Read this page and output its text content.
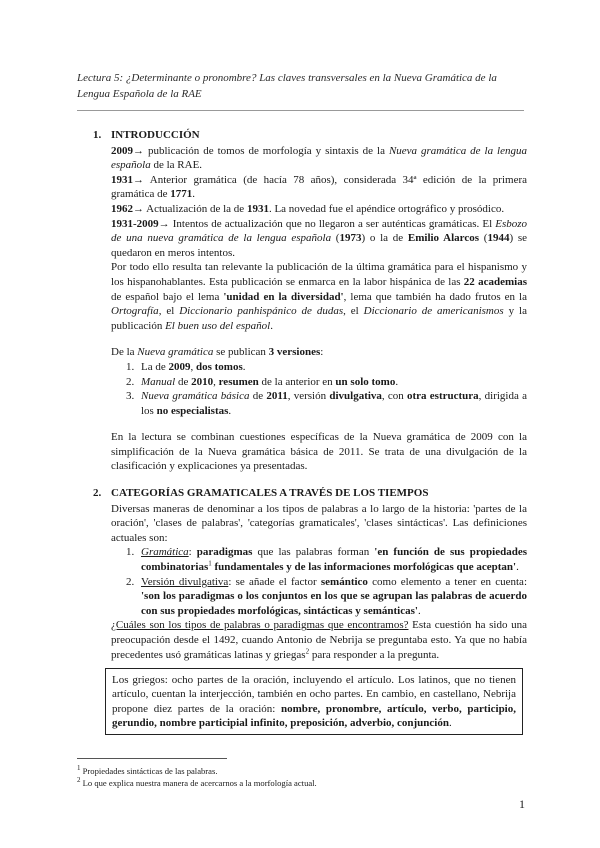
Lectura 5: ¿Determinante o pronombre? Las claves transversales en la Nueva Gramática de la Lengua Española de la RAE
1. INTRODUCCIÓN

2009→ publicación de tomos de morfología y sintaxis de la Nueva gramática de la lengua española de la RAE.

1931→ Anterior gramática (de hacía 78 años), considerada 34ª edición de la primera gramática de 1771.

1962→ Actualización de la de 1931. La novedad fue el apéndice ortográfico y prosódico.

1931-2009→ Intentos de actualización que no llegaron a ser auténticas gramáticas. El Esbozo de una nueva gramática de la lengua española (1973) o la de Emilio Alarcos (1944) se quedaron en meros intentos.

Por todo ello resulta tan relevante la publicación de la última gramática para el hispanismo y los hispanohablantes. Esta publicación se enmarca en la labor hispánica de las 22 academias de español bajo el lema 'unidad en la diversidad', lema que también ha dado frutos en la Ortografía, el Diccionario panhispánico de dudas, el Diccionario de americanismos y la publicación El buen uso del español.

De la Nueva gramática se publican 3 versiones:

1. La de 2009, dos tomos.
2. Manual de 2010, resumen de la anterior en un solo tomo.
3. Nueva gramática básica de 2011, versión divulgativa, con otra estructura, dirigida a los no especialistas.

En la lectura se combinan cuestiones específicas de la Nueva gramática de 2009 con la simplificación de la Nueva gramática básica de 2011. Se trata de una divulgación de la clasificación y explicaciones ya presentadas.

2. CATEGORÍAS GRAMATICALES A TRAVÉS DE LOS TIEMPOS

Diversas maneras de denominar a los tipos de palabras a lo largo de la historia: 'partes de la oración', 'clases de palabras', 'categorías gramaticales', 'clases sintácticas'. Las definiciones actuales son:

1. Gramática: paradigmas que las palabras forman 'en función de sus propiedades combinatorias$^1$ fundamentales y de las informaciones morfológicas que aceptan'.
2. Versión divulgativa: se añade el factor semántico como elemento a tener en cuenta: 'son los paradigmas o los conjuntos en los que se agrupan las palabras de acuerdo con sus propiedades morfológicas, sintácticas y semánticas'.

¿Cuáles son los tipos de palabras o paradigmas que encontramos? Esta cuestión ha sido una preocupación desde el 1492, cuando Antonio de Nebrija se preguntaba esto. Ya que no había precedentes usó gramáticas latinas y griegas$^2$ para responder a la pregunta.

Los griegos: ocho partes de la oración, incluyendo el artículo. Los latinos, que no tienen artículo, cuentan la interjección, también en ocho partes. En cambio, en castellano, Nebrija propone diez partes de la oración: nombre, pronombre, artículo, verbo, participio, gerundio, nombre participial infinito, preposición, adverbio, conjunción.
$^1$ Propiedades sintácticas de las palabras.
$^2$ Lo que explica nuestra manera de acercarnos a la morfología actual.
1
